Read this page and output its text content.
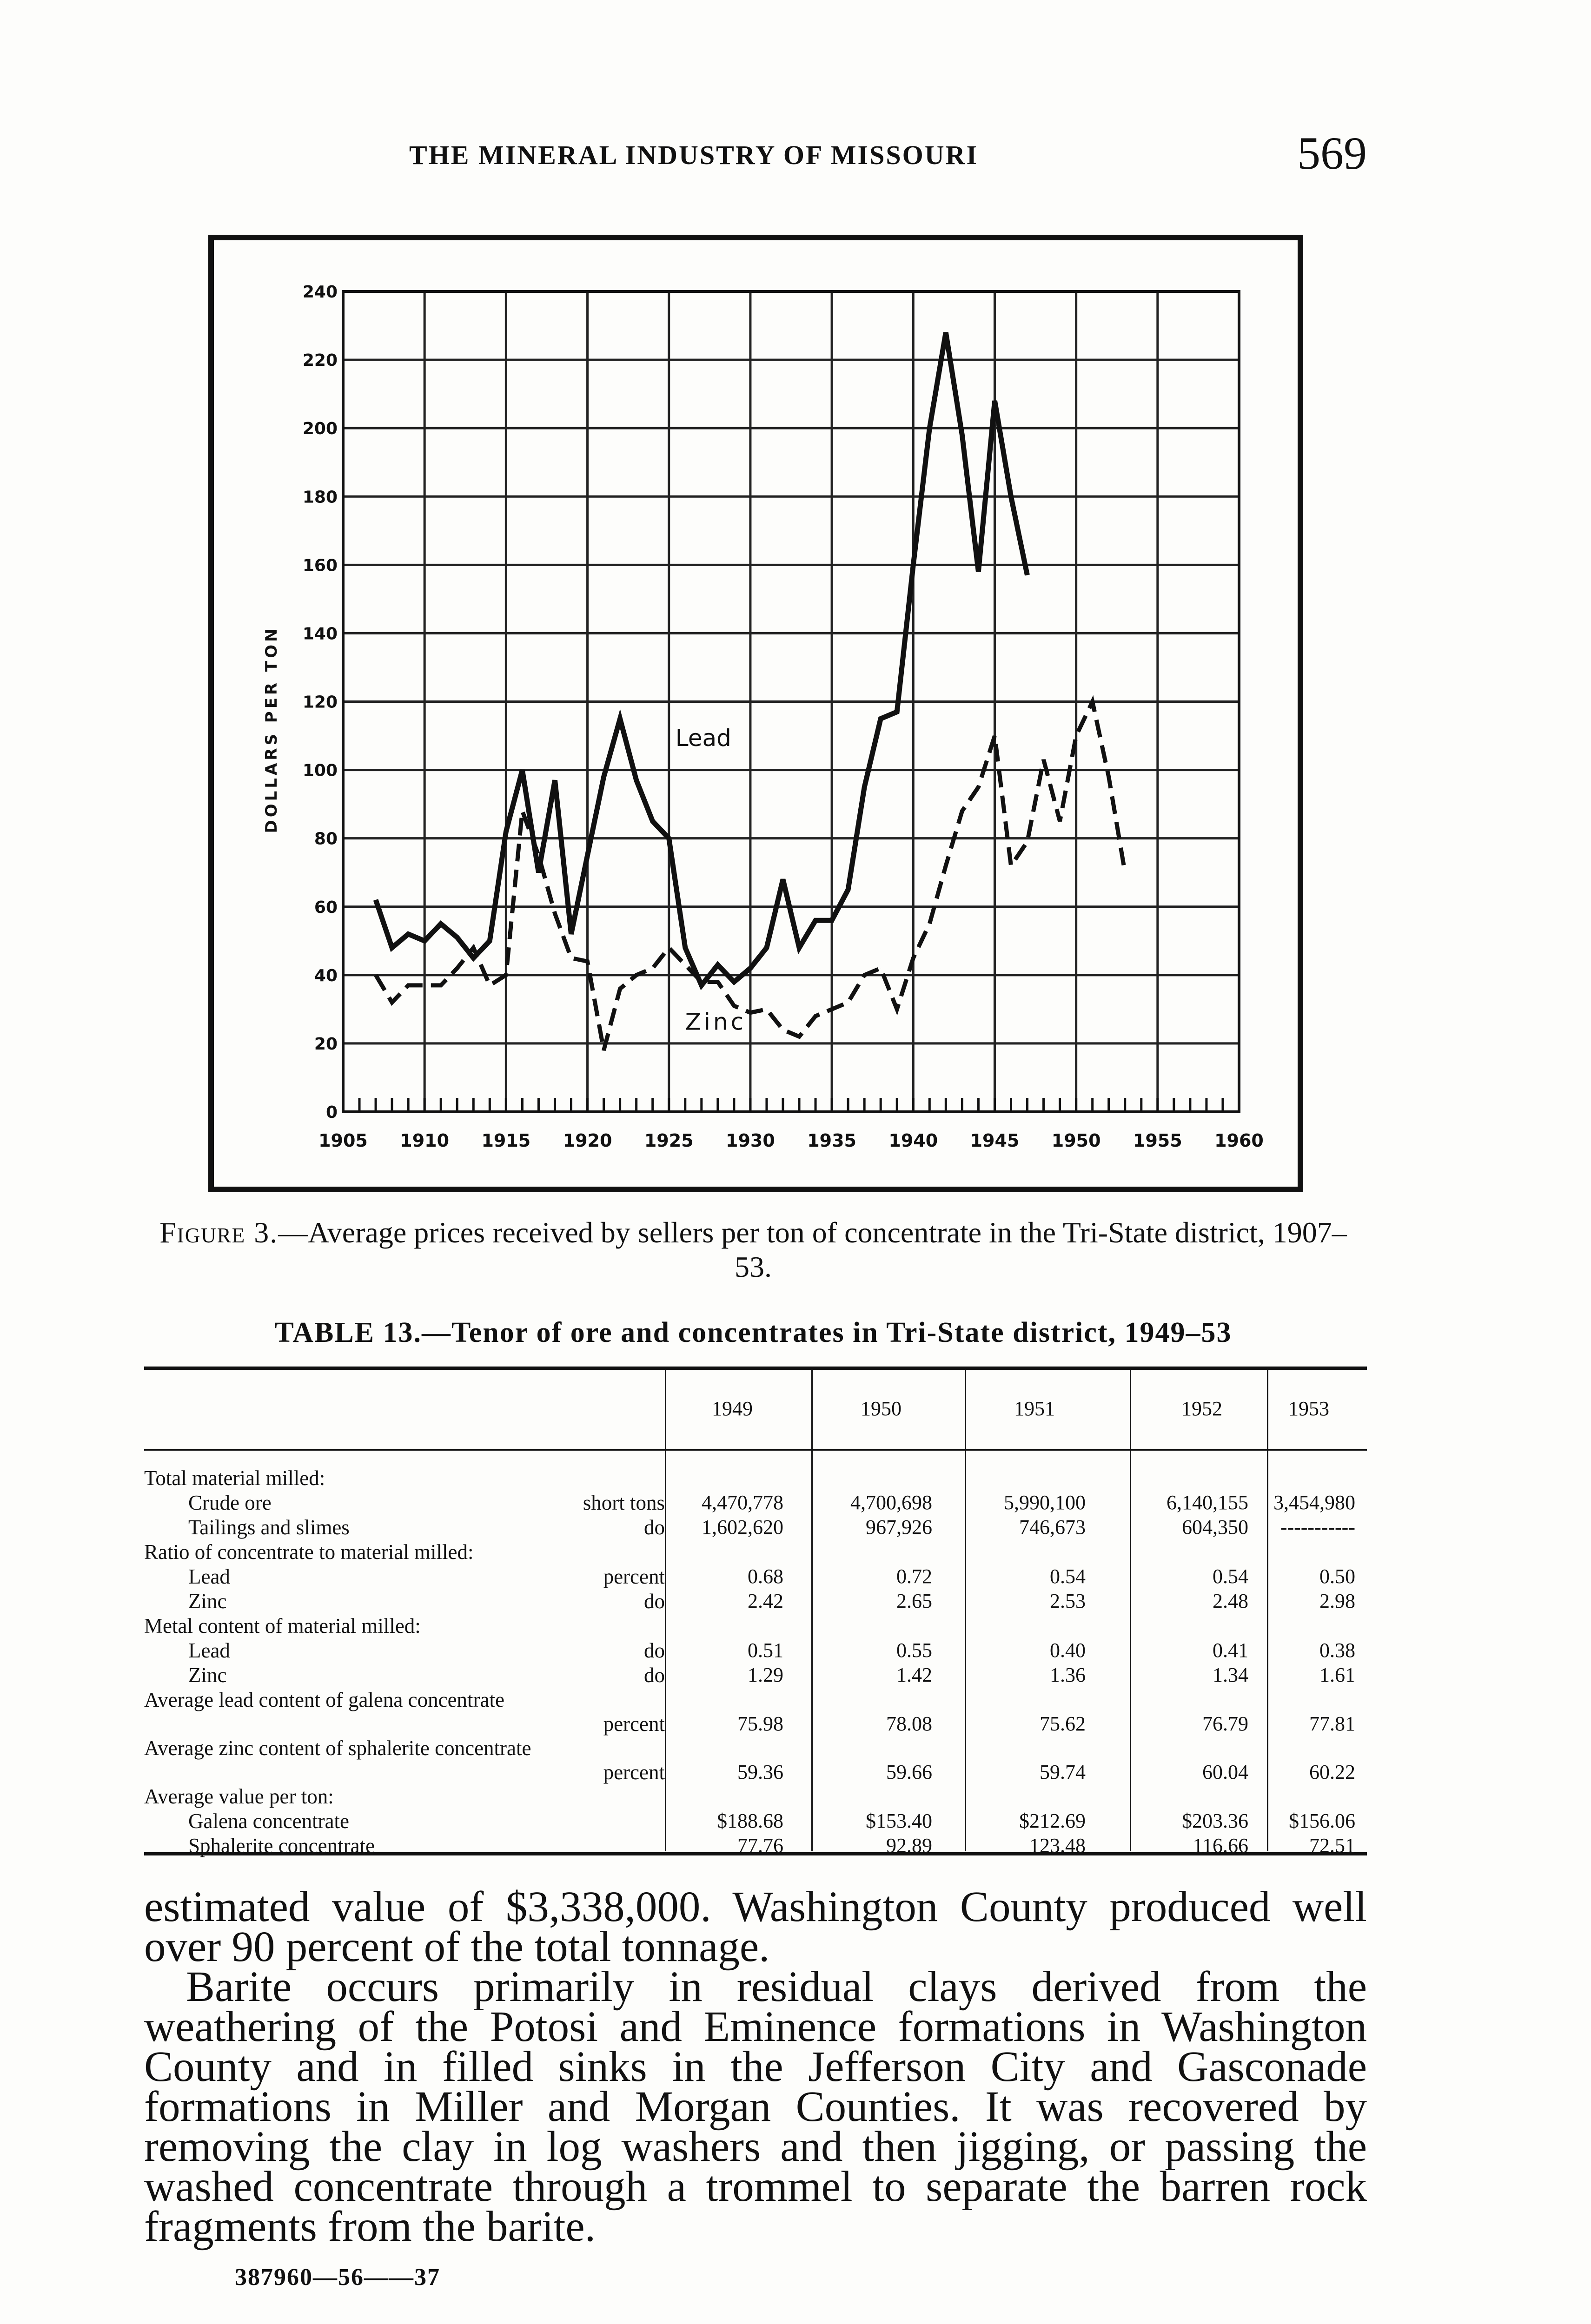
THE MINERAL INDUSTRY OF MISSOURI	569
1905 1910 1915 1920 1925 1930 1935 1940 1945 1950 1955 1960
0
20
40
60
80
100
120
140
160
180
200
220
240
DOLLARS PER TON	Lead
Zinc
Figure 3.—Average prices received by sellers per ton of concentrate in the Tri-State district, 1907–53.
TABLE 13.—Tenor of ore and concentrates in Tri-State district, 1949–53
1949	1950	1951	1952	1953
Total material milled:
Crude ore	short tons	4,470,778	4,700,698	5,990,100	6,140,155	3,454,980
Tailings and slimes	do	1,602,620	967,926	746,673	604,350	-----------
Ratio of concentrate to material milled:
Lead	percent	0.68	0.72	0.54	0.54	0.50
Zinc	do	2.42	2.65	2.53	2.48	2.98
Metal content of material milled:
Lead	do	0.51	0.55	0.40	0.41	0.38
Zinc	do	1.29	1.42	1.36	1.34	1.61
Average lead content of galena concentrate
percent	75.98	78.08	75.62	76.79	77.81
Average zinc content of sphalerite concentrate
percent	59.36	59.66	59.74	60.04	60.22
Average value per ton:
Galena concentrate	$188.68	$153.40	$212.69	$203.36	$156.06
Sphalerite concentrate	77.76	92.89	123.48	116.66	72.51

estimated value of $3,338,000. Washington County produced well over 90 percent of the total tonnage.

Barite occurs primarily in residual clays derived from the weathering of the Potosi and Eminence formations in Washington County and in filled sinks in the Jefferson City and Gasconade formations in Miller and Morgan Counties. It was recovered by removing the clay in log washers and then jigging, or passing the washed concentrate through a trommel to separate the barren rock fragments from the barite.

387960—56——37
